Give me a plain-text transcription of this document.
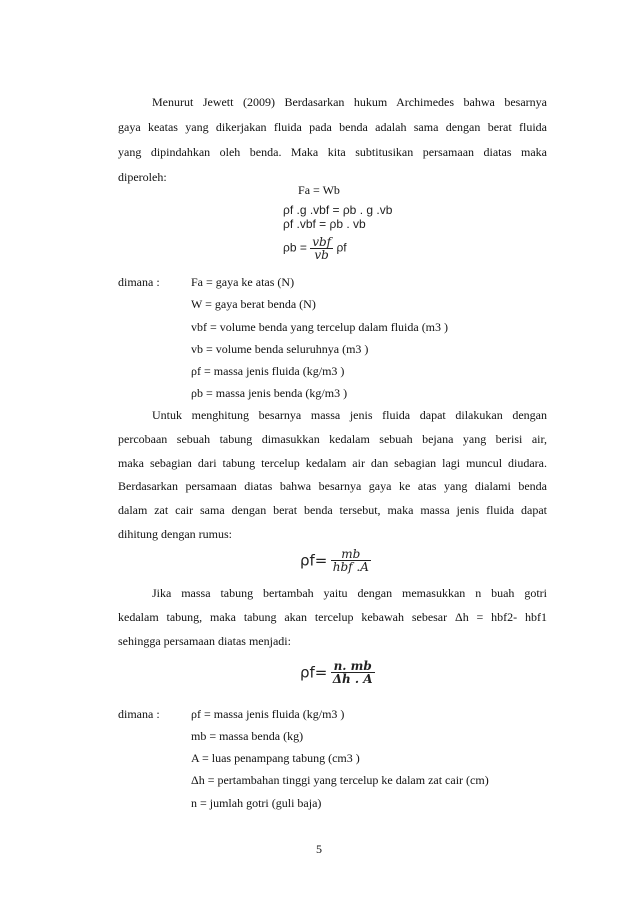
Menurut Jewett (2009) Berdasarkan hukum Archimedes bahwa besarnya
gaya keatas yang dikerjakan fluida pada benda adalah sama dengan berat fluida
yang dipindahkan oleh benda. Maka kita subtitusikan persamaan diatas maka
diperoleh:
Fa = Wb
ρf .g .vbf = ρb . g .vb
ρf .vbf = ρb . vb
$\rho b = \frac{\text{vbf}}{vb}$ ρf
dimana :	Fa = gaya ke atas (N)
W = gaya berat benda (N)
vbf = volume benda yang tercelup dalam fluida (m3 )
vb = volume benda seluruhnya (m3 )
ρf = massa jenis fluida (kg/m3 )
ρb = massa jenis benda (kg/m3 )
Untuk menghitung besarnya massa jenis fluida dapat dilakukan dengan
percobaan sebuah tabung dimasukkan kedalam sebuah bejana yang berisi air,
maka sebagian dari tabung tercelup kedalam air dan sebagian lagi muncul diudara.
Berdasarkan persamaan diatas bahwa besarnya gaya ke atas yang dialami benda
dalam zat cair sama dengan berat benda tersebut, maka massa jenis fluida dapat
dihitung dengan rumus:
$\rho f= \frac{mb}{\text{hbf .A}}$
Jika massa tabung bertambah yaitu dengan memasukkan n buah gotri
kedalam tabung, maka tabung akan tercelup kebawah sebesar Δh = hbf2- hbf1
sehingga persamaan diatas menjadi:
$\rho f= \frac{n. mb}{\Delta h . A}$
dimana :	ρf = massa jenis fluida (kg/m3 )
mb = massa benda (kg)
A = luas penampang tabung (cm3 )
Δh = pertambahan tinggi yang tercelup ke dalam zat cair (cm)
n = jumlah gotri (guli baja)
5
